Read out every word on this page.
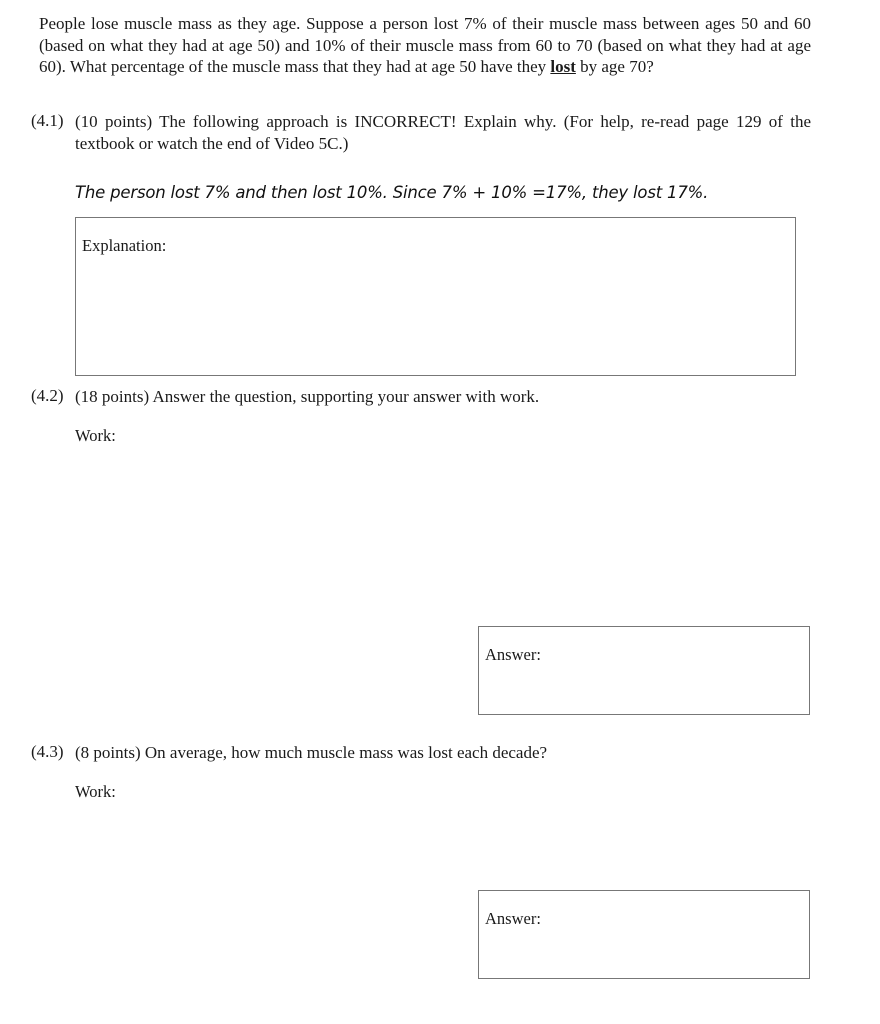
People lose muscle mass as they age. Suppose a person lost 7% of their muscle mass between ages 50 and 60 (based on what they had at age 50) and 10% of their muscle mass from 60 to 70 (based on what they had at age 60). What percentage of the muscle mass that they had at age 50 have they lost by age 70?
(4.1) (10 points) The following approach is INCORRECT! Explain why. (For help, re-read page 129 of the textbook or watch the end of Video 5C.)
The person lost 7% and then lost 10%. Since 7% + 10% =17%, they lost 17%.
Explanation:
(4.2) (18 points) Answer the question, supporting your answer with work.
Work:
Answer:
(4.3) (8 points) On average, how much muscle mass was lost each decade?
Work:
Answer:
